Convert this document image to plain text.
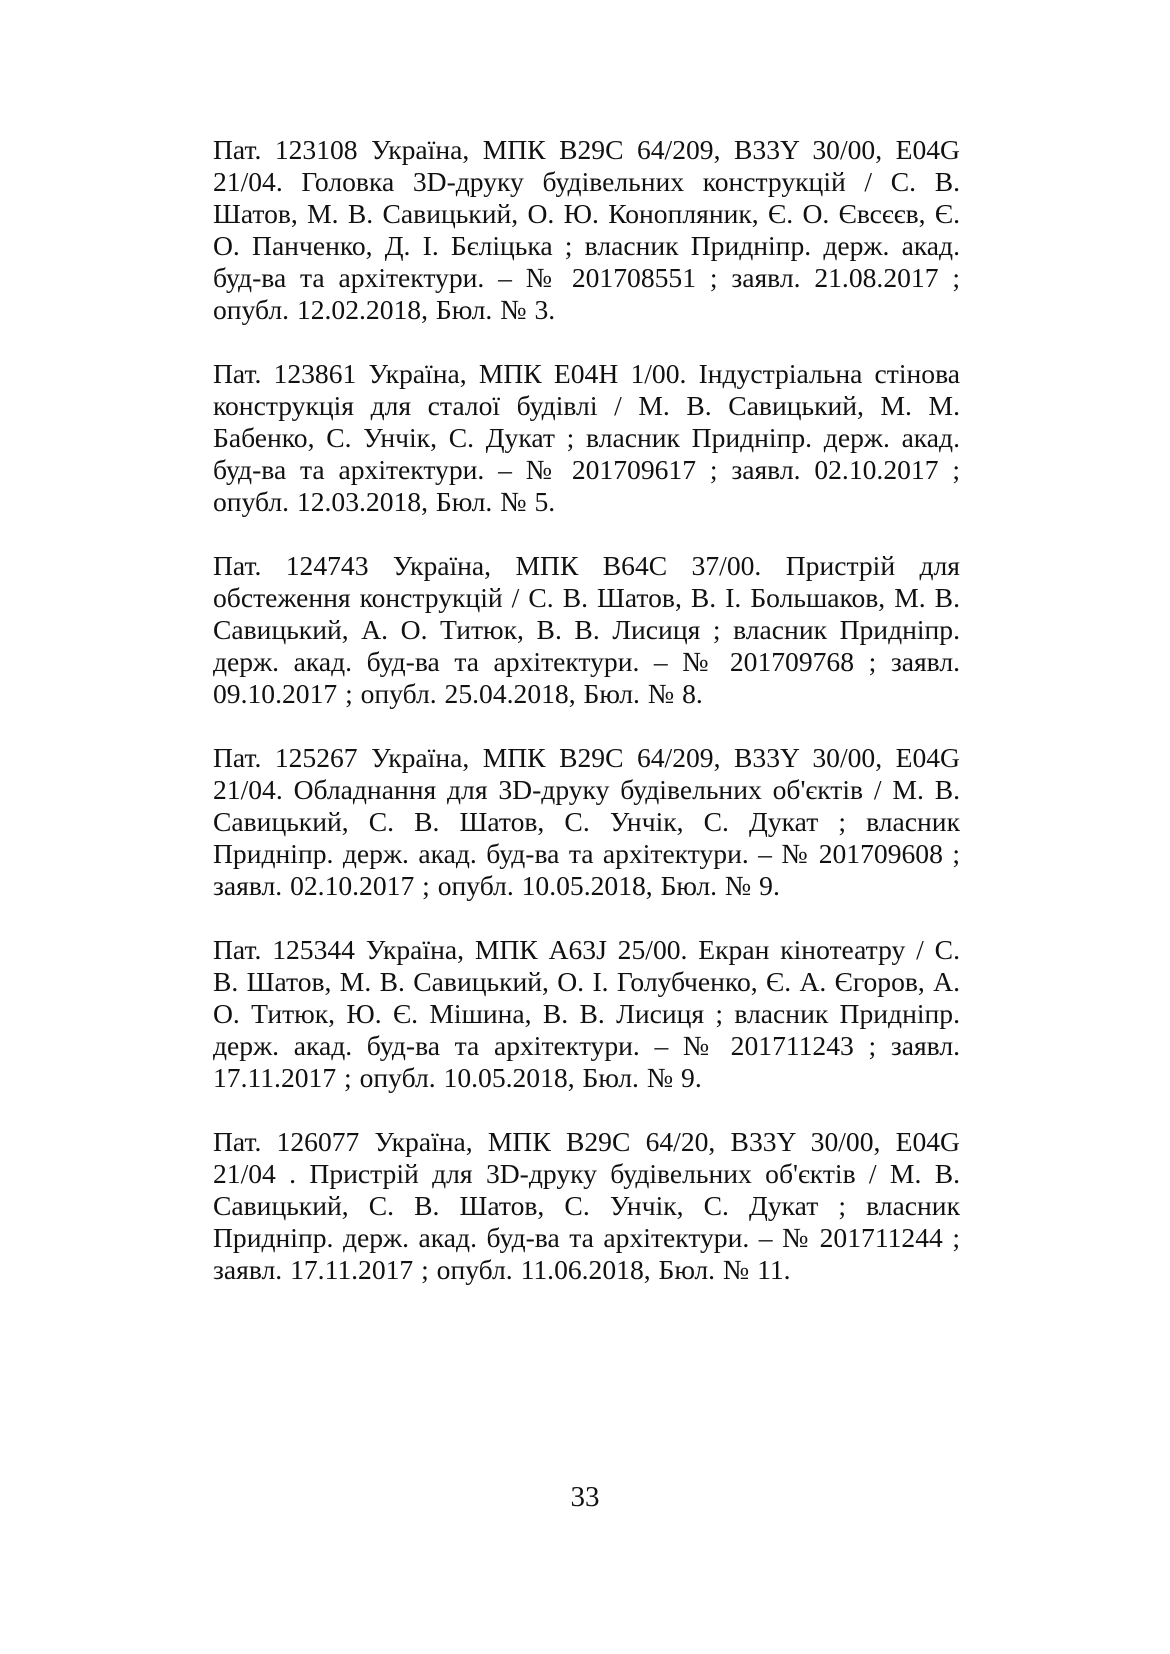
Пат. 123108 Україна, МПК B29C 64/209, B33Y 30/00, E04G 21/04. Головка 3D-друку будівельних конструкцій / С. В. Шатов, М. В. Савицький, О. Ю. Конопляник, Є. О. Євсєєв, Є. О. Панченко, Д. І. Бєліцька ; власник Придніпр. держ. акад. буд-ва та архітектури. – № 201708551 ; заявл. 21.08.2017 ; опубл. 12.02.2018, Бюл. № 3.

Пат. 123861 Україна, МПК E04H 1/00. Індустріальна стінова конструкція для сталої будівлі / М. В. Савицький, М. М. Бабенко, С. Унчік, С. Дукат ; власник Придніпр. держ. акад. буд-ва та архітектури. – № 201709617 ; заявл. 02.10.2017 ; опубл. 12.03.2018, Бюл. № 5.

Пат. 124743 Україна, МПК B64C 37/00. Пристрій для обстеження конструкцій / С. В. Шатов, В. І. Большаков, М. В. Савицький, А. О. Титюк, В. В. Лисиця ; власник Придніпр. держ. акад. буд-ва та архітектури. – № 201709768 ; заявл. 09.10.2017 ; опубл. 25.04.2018, Бюл. № 8.

Пат. 125267 Україна, МПК B29C 64/209, B33Y 30/00, E04G 21/04. Обладнання для 3D-друку будівельних об'єктів / М. В. Савицький, С. В. Шатов, С. Унчік, С. Дукат ; власник Придніпр. держ. акад. буд-ва та архітектури. – № 201709608 ; заявл. 02.10.2017 ; опубл. 10.05.2018, Бюл. № 9.

Пат. 125344 Україна, МПК A63J 25/00. Екран кінотеатру / С. В. Шатов, М. В. Савицький, О. І. Голубченко, Є. А. Єгоров, А. О. Титюк, Ю. Є. Мішина, В. В. Лисиця ; власник Придніпр. держ. акад. буд-ва та архітектури. – № 201711243 ; заявл. 17.11.2017 ; опубл. 10.05.2018, Бюл. № 9.

Пат. 126077 Україна, МПК B29C 64/20, B33Y 30/00, E04G 21/04 . Пристрій для 3D-друку будівельних об'єктів / М. В. Савицький, С. В. Шатов, С. Унчік, С. Дукат ; власник Придніпр. держ. акад. буд-ва та архітектури. – № 201711244 ; заявл. 17.11.2017 ; опубл. 11.06.2018, Бюл. № 11.

33
